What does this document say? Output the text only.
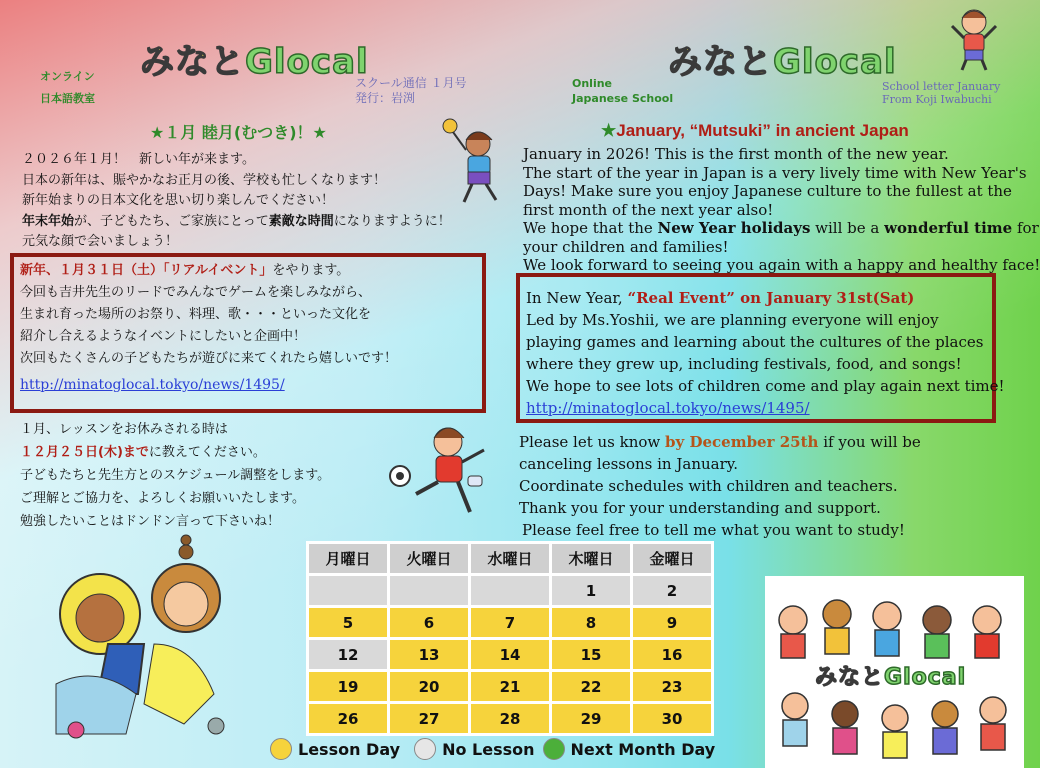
みなとGlocal
オンライン
日本語教室
スクール通信 １月号
発行：岩渕
★１月 睦月(むつき)！★
みなとGlocal
Online
Japanese School
School letter January
From Koji Iwabuchi
★January, “Mutsuki” in ancient Japan
２０２６年１月！　新しい年が来ます。
日本の新年は、賑やかなお正月の後、学校も忙しくなります！
新年始まりの日本文化を思い切り楽しんでください！
年末年始が、子どもたち、ご家族にとって素敵な時間になりますように！
元気な顔で会いましょう！
新年、１月３１日（土）「リアルイベント」をやります。
今回も吉井先生のリードでみんなでゲームを楽しみながら、
生まれ育った場所のお祭り、料理、歌・・・といった文化を
紹介し合えるようなイベントにしたいと企画中！
次回もたくさんの子どもたちが遊びに来てくれたら嬉しいです！
http://minatoglocal.tokyo/news/1495/
１月、レッスンをお休みされる時は
１２月２５日(木)までに教えてください。
子どもたちと先生方とのスケジュール調整をします。
ご理解とご協力を、よろしくお願いいたします。
勉強したいことはドンドン言って下さいね！
January in 2026! This is the first month of the new year.
The start of the year in Japan is a very lively time with New Year's
Days! Make sure you enjoy Japanese culture to the fullest at the
first month of the next year also!
We hope that the New Year holidays will be a wonderful time for
your children and families!
We look forward to seeing you again with a happy and healthy face!
In New Year, “Real Event” on January 31st(Sat)
Led by Ms.Yoshii, we are planning everyone will enjoy
playing games and learning about the cultures of the places
where they grew up, including festivals, food, and songs!
We hope to see lots of children come and play again next time!
http://minatoglocal.tokyo/news/1495/
Please let us know by December 25th if you will be
canceling lessons in January.
Coordinate schedules with children and teachers.
Thank you for your understanding and support.
Please feel free to tell me what you want to study!
月曜日	火曜日	水曜日	木曜日	金曜日
			1	2
5	6	7	8	9
12	13	14	15	16
19	20	21	22	23
26	27	28	29	30
Lesson Day	No Lesson Next Month Day
みなとGlocal
